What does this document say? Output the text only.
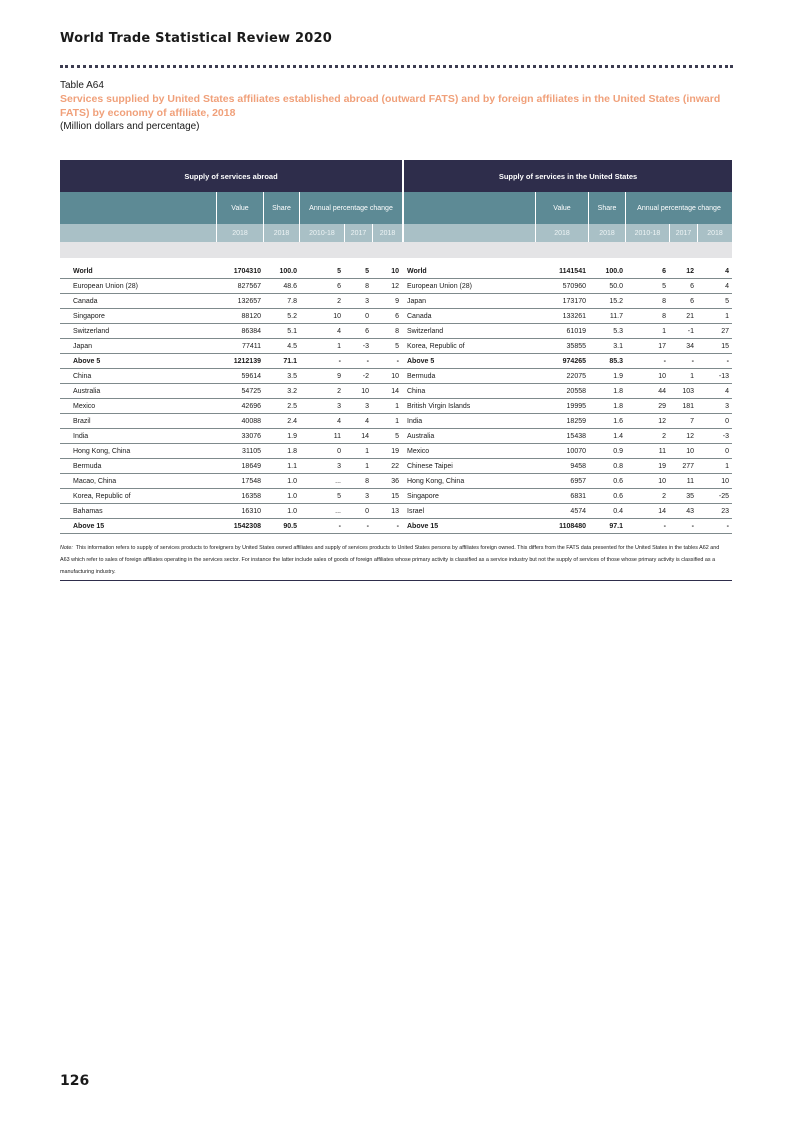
World Trade Statistical Review 2020
Table A64
Services supplied by United States affiliates established abroad (outward FATS) and by foreign affiliates in the United States (inward FATS) by economy of affiliate, 2018
(Million dollars and percentage)
Supply of services abroad	Supply of services in the United States
Value	Share	Annual percentage change	Value	Share	Annual percentage change
2018	2018	2010-18	2017	2018	2018	2018	2010-18	2017	2018
World	1704310	100.0	5	5	10	World	1141541	100.0	6	12	4
European Union (28)	827567	48.6	6	8	12	European Union (28)	570960	50.0	5	6	4
Canada	132657	7.8	2	3	9	Japan	173170	15.2	8	6	5
Singapore	88120	5.2	10	0	6	Canada	133261	11.7	8	21	1
Switzerland	86384	5.1	4	6	8	Switzerland	61019	5.3	1	-1	27
Japan	77411	4.5	1	-3	5	Korea, Republic of	35855	3.1	17	34	15
Above 5	1212139	71.1	-	-	-	Above 5	974265	85.3	-	-	-
China	59614	3.5	9	-2	10	Bermuda	22075	1.9	10	1	-13
Australia	54725	3.2	2	10	14	China	20558	1.8	44	103	4
Mexico	42696	2.5	3	3	1	British Virgin Islands	19995	1.8	29	181	3
Brazil	40088	2.4	4	4	1	India	18259	1.6	12	7	0
India	33076	1.9	11	14	5	Australia	15438	1.4	2	12	-3
Hong Kong, China	31105	1.8	0	1	19	Mexico	10070	0.9	11	10	0
Bermuda	18649	1.1	3	1	22	Chinese Taipei	9458	0.8	19	277	1
Macao, China	17548	1.0	...	8	36	Hong Kong, China	6957	0.6	10	11	10
Korea, Republic of	16358	1.0	5	3	15	Singapore	6831	0.6	2	35	-25
Bahamas	16310	1.0	...	0	13	Israel	4574	0.4	14	43	23
Above 15	1542308	90.5	-	-	-	Above 15	1108480	97.1	-	-	-
Note: This information refers to supply of services products to foreigners by United States owned affiliates and supply of services products to United States persons by affiliates foreign owned. This differs from the FATS data presented for the United States in the tables A62 and A63 which refer to sales of foreign affiliates operating in the services sector. For instance the latter include sales of goods of foreign affiliates whose primary activity is classified as a service industry but not the supply of services of those whose primary activity is classified as a manufacturing industry.
126
